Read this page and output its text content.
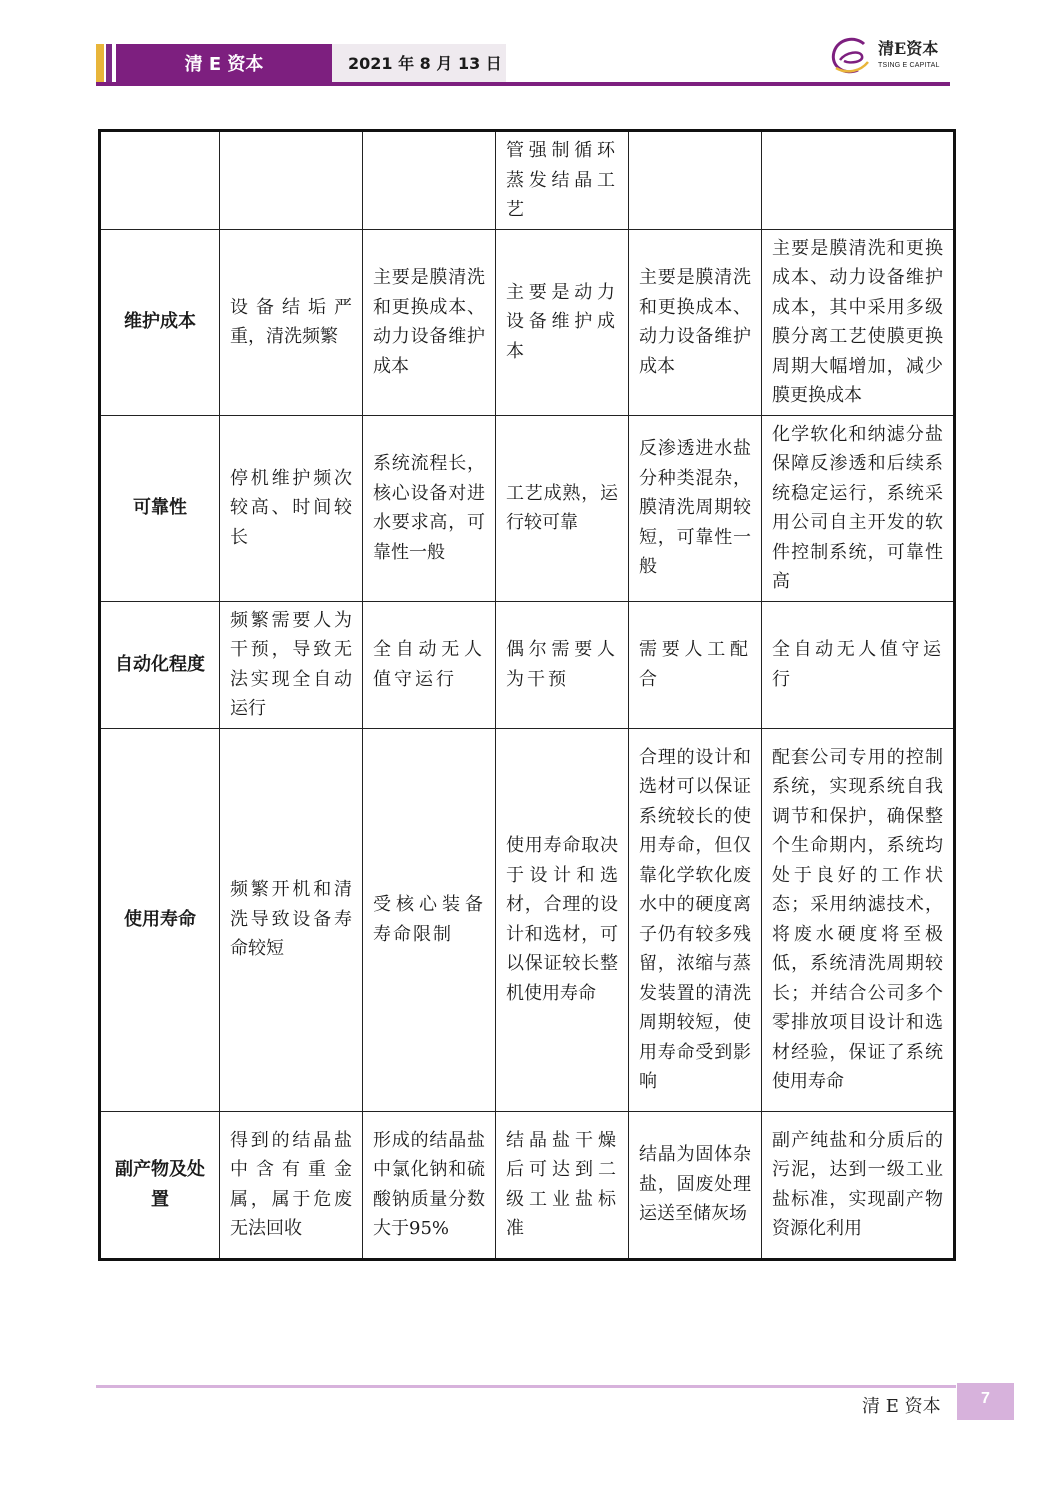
清 E 资本	2021 年 8 月 13 日
清E资本
TSING E CAPITAL
			管强制循环蒸发结晶工艺		
维护成本	设备结垢严重，清洗频繁	主要是膜清洗和更换成本、动力设备维护成本	主要是动力设备维护成本	主要是膜清洗和更换成本、动力设备维护成本	主要是膜清洗和更换成本、动力设备维护成本，其中采用多级膜分离工艺使膜更换周期大幅增加，减少膜更换成本
可靠性	停机维护频次较高、时间较长	系统流程长，核心设备对进水要求高，可靠性一般	工艺成熟，运行较可靠	反渗透进水盐分种类混杂，膜清洗周期较短，可靠性一般	化学软化和纳滤分盐保障反渗透和后续系统稳定运行，系统采用公司自主开发的软件控制系统，可靠性高
自动化程度	频繁需要人为干预，导致无法实现全自动运行	全自动无人值守运行	偶尔需要人为干预	需要人工配合	全自动无人值守运行
使用寿命	频繁开机和清洗导致设备寿命较短	受核心装备寿命限制	使用寿命取决于设计和选材，合理的设计和选材，可以保证较长整机使用寿命	合理的设计和选材可以保证系统较长的使用寿命，但仅靠化学软化废水中的硬度离子仍有较多残留，浓缩与蒸发装置的清洗周期较短，使用寿命受到影响	配套公司专用的控制系统，实现系统自我调节和保护，确保整个生命期内，系统均处于良好的工作状态；采用纳滤技术，将废水硬度将至极低，系统清洗周期较长；并结合公司多个零排放项目设计和选材经验，保证了系统使用寿命
副产物及处置	得到的结晶盐中含有重金属，属于危废无法回收	形成的结晶盐中氯化钠和硫酸钠质量分数大于95%	结晶盐干燥后可达到二级工业盐标准	结晶为固体杂盐，固废处理运送至储灰场	副产纯盐和分质后的污泥，达到一级工业盐标准，实现副产物资源化利用
清 E 资本	7
